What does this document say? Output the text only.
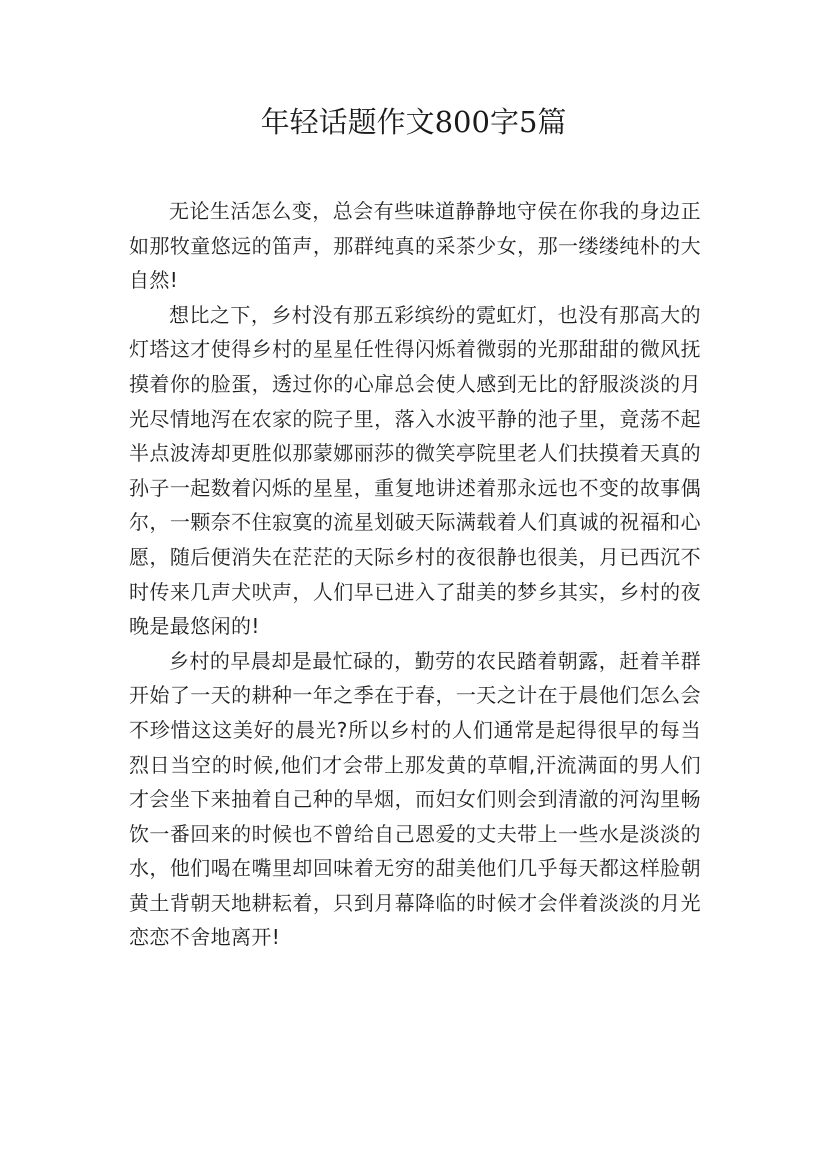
年轻话题作文800字5篇

无论生活怎么变，总会有些味道静静地守侯在你我的身边正如那牧童悠远的笛声，那群纯真的采茶少女，那一缕缕纯朴的大自然!

想比之下，乡村没有那五彩缤纷的霓虹灯，也没有那高大的灯塔这才使得乡村的星星任性得闪烁着微弱的光那甜甜的微风抚摸着你的脸蛋，透过你的心扉总会使人感到无比的舒服淡淡的月光尽情地泻在农家的院子里，落入水波平静的池子里，竟荡不起半点波涛却更胜似那蒙娜丽莎的微笑亭院里老人们扶摸着天真的孙子一起数着闪烁的星星，重复地讲述着那永远也不变的故事偶尔，一颗奈不住寂寞的流星划破天际满载着人们真诚的祝福和心愿，随后便消失在茫茫的天际乡村的夜很静也很美，月已西沉不时传来几声犬吠声，人们早已进入了甜美的梦乡其实，乡村的夜晚是最悠闲的!

乡村的早晨却是最忙碌的，勤劳的农民踏着朝露，赶着羊群开始了一天的耕种一年之季在于春，一天之计在于晨他们怎么会不珍惜这这美好的晨光?所以乡村的人们通常是起得很早的每当烈日当空的时候,他们才会带上那发黄的草帽,汗流满面的男人们才会坐下来抽着自己种的旱烟，而妇女们则会到清澈的河沟里畅饮一番回来的时候也不曾给自己恩爱的丈夫带上一些水是淡淡的水，他们喝在嘴里却回味着无穷的甜美他们几乎每天都这样脸朝黄土背朝天地耕耘着，只到月幕降临的时候才会伴着淡淡的月光恋恋不舍地离开!
